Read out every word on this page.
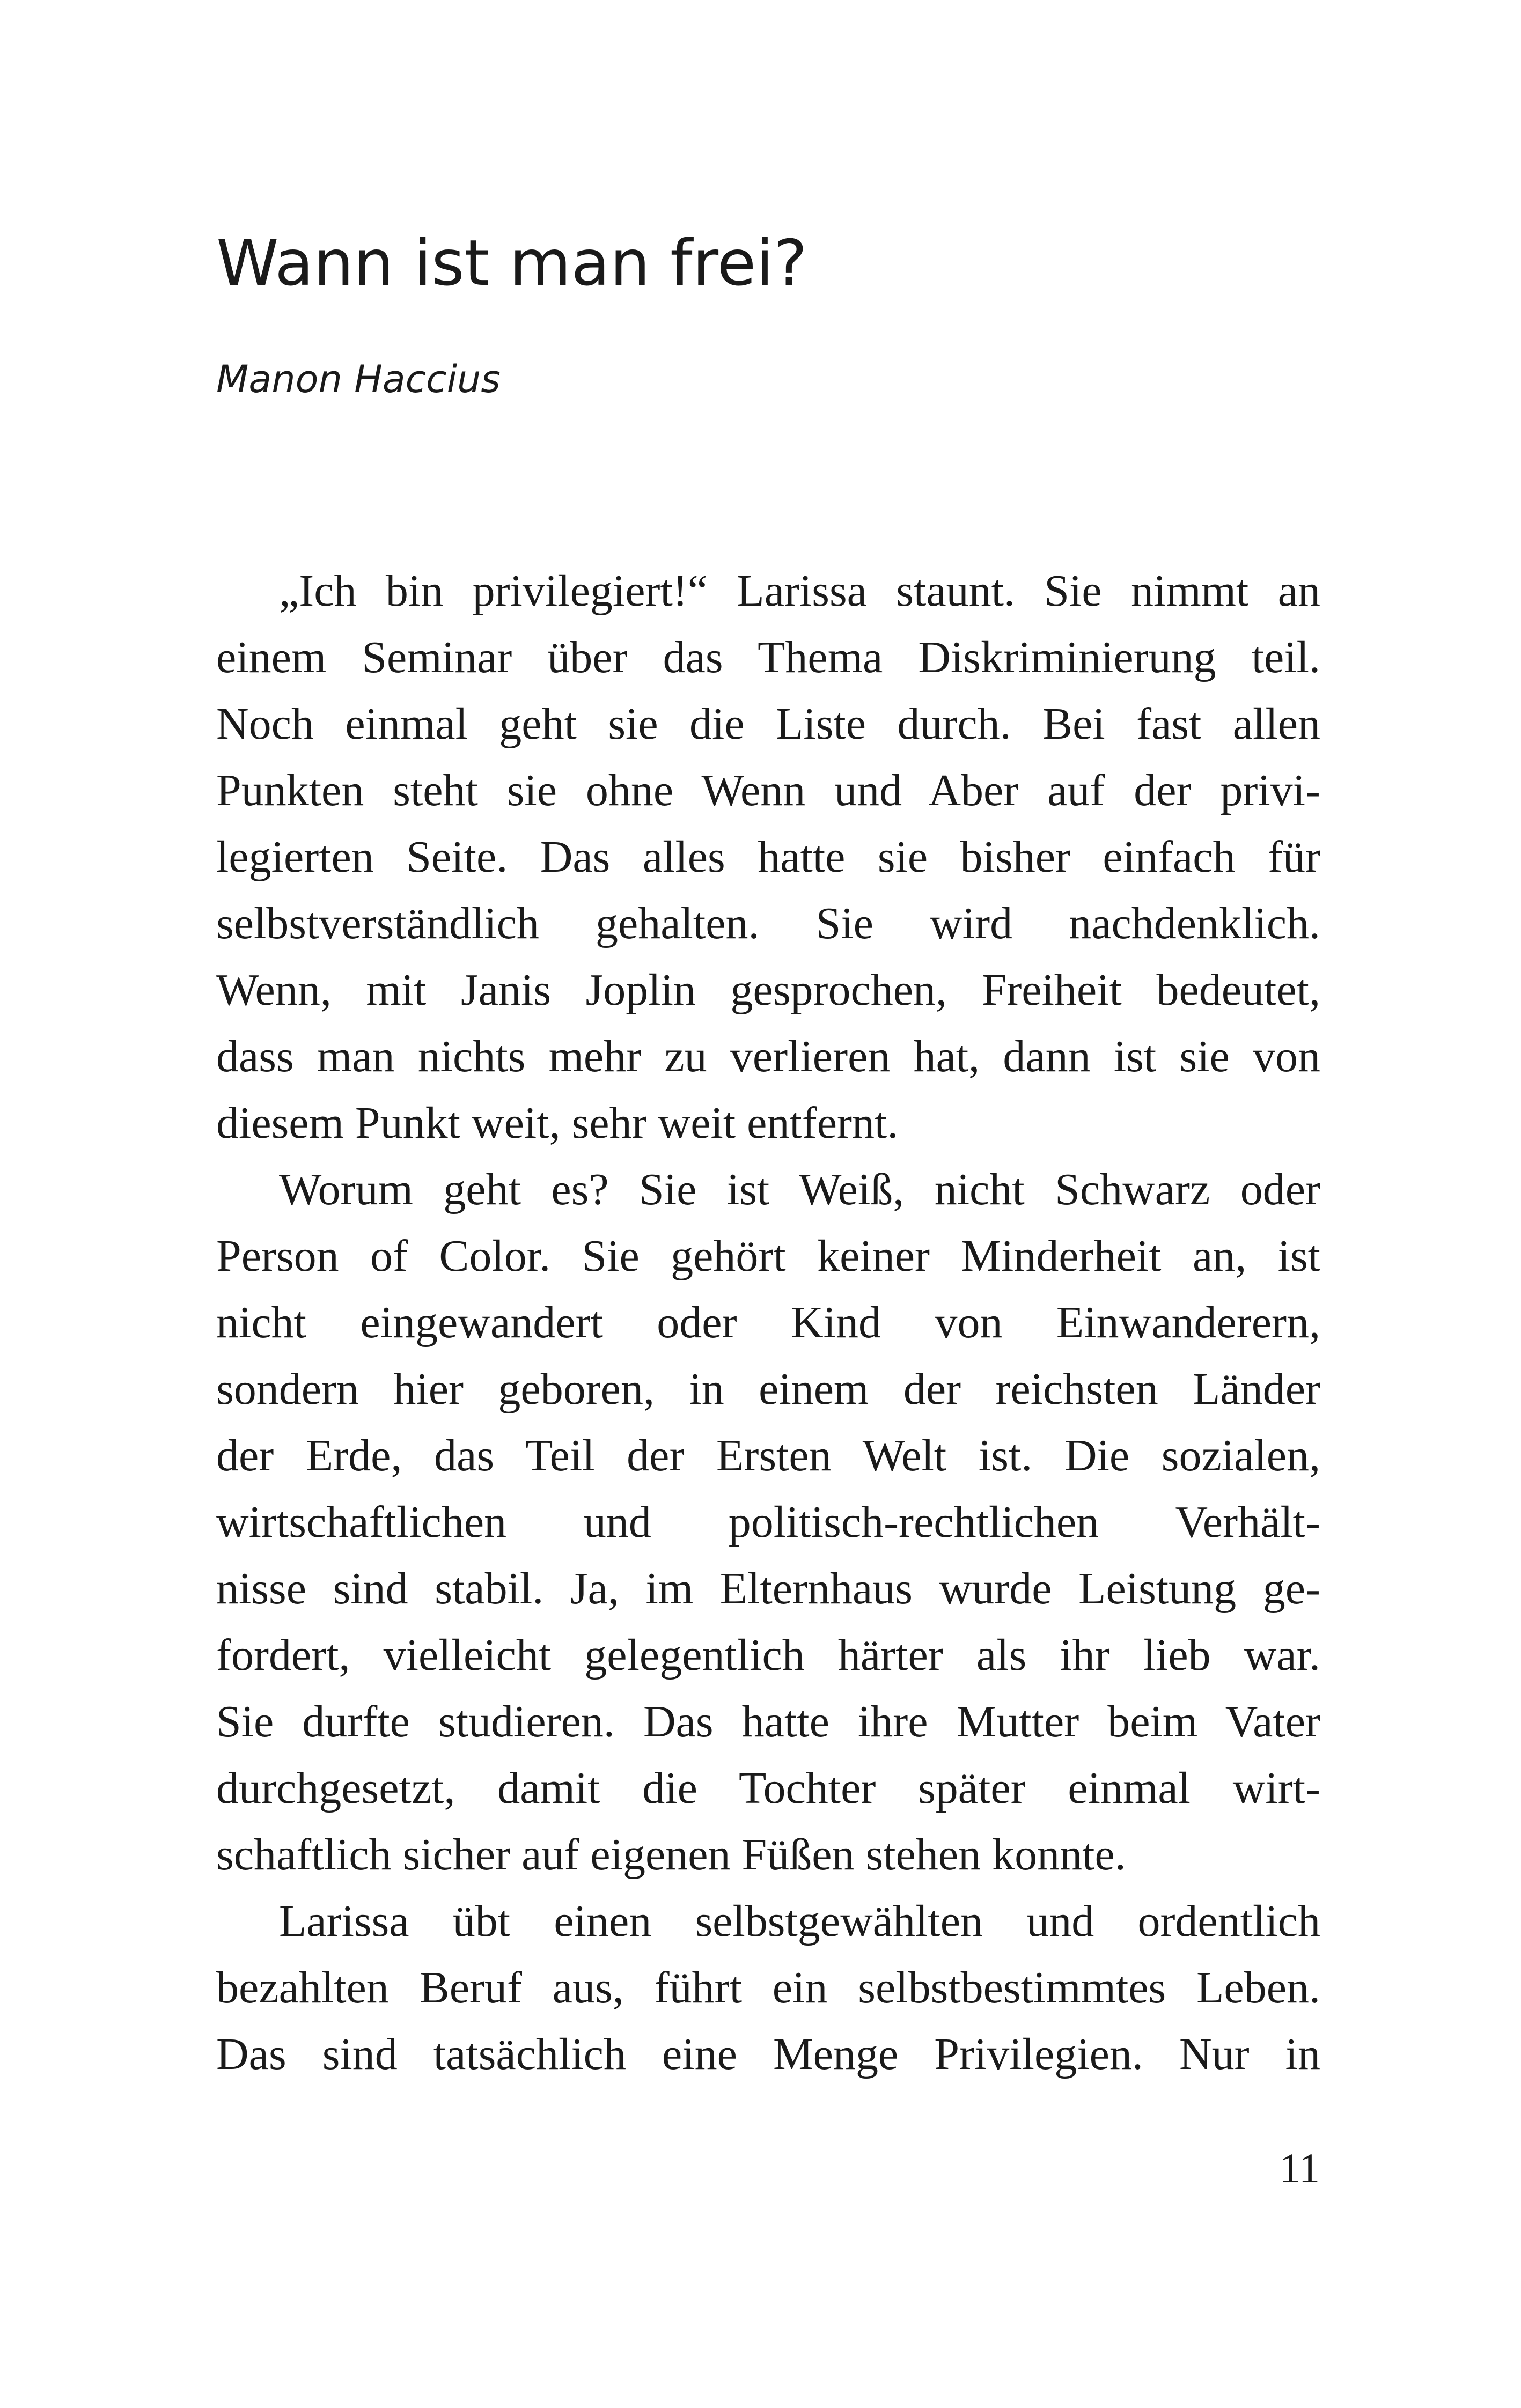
Wann ist man frei?

Manon Haccius

„Ich bin privilegiert!“ Larissa staunt. Sie nimmt an
einem Seminar über das Thema Diskriminierung teil.
Noch einmal geht sie die Liste durch. Bei fast allen
Punkten steht sie ohne Wenn und Aber auf der privi-
legierten Seite. Das alles hatte sie bisher einfach für
selbstverständlich gehalten. Sie wird nachdenklich.
Wenn, mit Janis Joplin gesprochen, Freiheit bedeutet,
dass man nichts mehr zu verlieren hat, dann ist sie von
diesem Punkt weit, sehr weit entfernt.
Worum geht es? Sie ist Weiß, nicht Schwarz oder
Person of Color. Sie gehört keiner Minderheit an, ist
nicht eingewandert oder Kind von Einwanderern,
sondern hier geboren, in einem der reichsten Länder
der Erde, das Teil der Ersten Welt ist. Die sozialen,
wirtschaftlichen und politisch-rechtlichen Verhält-
nisse sind stabil. Ja, im Elternhaus wurde Leistung ge-
fordert, vielleicht gelegentlich härter als ihr lieb war.
Sie durfte studieren. Das hatte ihre Mutter beim Vater
durchgesetzt, damit die Tochter später einmal wirt-
schaftlich sicher auf eigenen Füßen stehen konnte.
Larissa übt einen selbstgewählten und ordentlich
bezahlten Beruf aus, führt ein selbstbestimmtes Leben.
Das sind tatsächlich eine Menge Privilegien. Nur in
11
